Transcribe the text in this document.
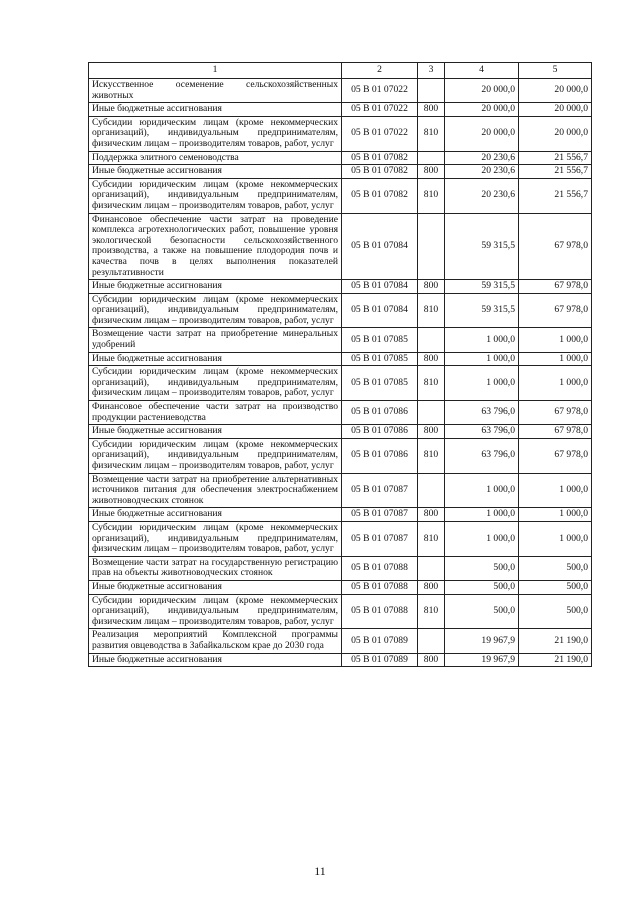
1	2	3	4	5
Искусственное осеменение сельскохозяйственных животных	05 В 01 07022		20 000,0	20 000,0
Иные бюджетные ассигнования	05 В 01 07022	800	20 000,0	20 000,0
Субсидии юридическим лицам (кроме некоммерческих организаций), индивидуальным предпринимателям, физическим лицам – производителям товаров, работ, услуг	05 В 01 07022	810	20 000,0	20 000,0
Поддержка элитного семеноводства	05 В 01 07082		20 230,6	21 556,7
Иные бюджетные ассигнования	05 В 01 07082	800	20 230,6	21 556,7
Субсидии юридическим лицам (кроме некоммерческих организаций), индивидуальным предпринимателям, физическим лицам – производителям товаров, работ, услуг	05 В 01 07082	810	20 230,6	21 556,7
Финансовое обеспечение части затрат на проведение комплекса агротехнологических работ, повышение уровня экологической безопасности сельскохозяйственного производства, а также на повышение плодородия почв и качества почв в целях выполнения показателей результативности	05 В 01 07084		59 315,5	67 978,0
Иные бюджетные ассигнования	05 В 01 07084	800	59 315,5	67 978,0
Субсидии юридическим лицам (кроме некоммерческих организаций), индивидуальным предпринимателям, физическим лицам – производителям товаров, работ, услуг	05 В 01 07084	810	59 315,5	67 978,0
Возмещение части затрат на приобретение минеральных удобрений	05 В 01 07085		1 000,0	1 000,0
Иные бюджетные ассигнования	05 В 01 07085	800	1 000,0	1 000,0
Субсидии юридическим лицам (кроме некоммерческих организаций), индивидуальным предпринимателям, физическим лицам – производителям товаров, работ, услуг	05 В 01 07085	810	1 000,0	1 000,0
Финансовое обеспечение части затрат на производство продукции растениеводства	05 В 01 07086		63 796,0	67 978,0
Иные бюджетные ассигнования	05 В 01 07086	800	63 796,0	67 978,0
Субсидии юридическим лицам (кроме некоммерческих организаций), индивидуальным предпринимателям, физическим лицам – производителям товаров, работ, услуг	05 В 01 07086	810	63 796,0	67 978,0
Возмещение части затрат на приобретение альтернативных источников питания для обеспечения электроснабжением животноводческих стоянок	05 В 01 07087		1 000,0	1 000,0
Иные бюджетные ассигнования	05 В 01 07087	800	1 000,0	1 000,0
Субсидии юридическим лицам (кроме некоммерческих организаций), индивидуальным предпринимателям, физическим лицам – производителям товаров, работ, услуг	05 В 01 07087	810	1 000,0	1 000,0
Возмещение части затрат на государственную регистрацию прав на объекты животноводческих стоянок	05 В 01 07088		500,0	500,0
Иные бюджетные ассигнования	05 В 01 07088	800	500,0	500,0
Субсидии юридическим лицам (кроме некоммерческих организаций), индивидуальным предпринимателям, физическим лицам – производителям товаров, работ, услуг	05 В 01 07088	810	500,0	500,0
Реализация мероприятий Комплексной программы развития овцеводства в Забайкальском крае до 2030 года	05 В 01 07089		19 967,9	21 190,0
Иные бюджетные ассигнования	05 В 01 07089	800	19 967,9	21 190,0
11
